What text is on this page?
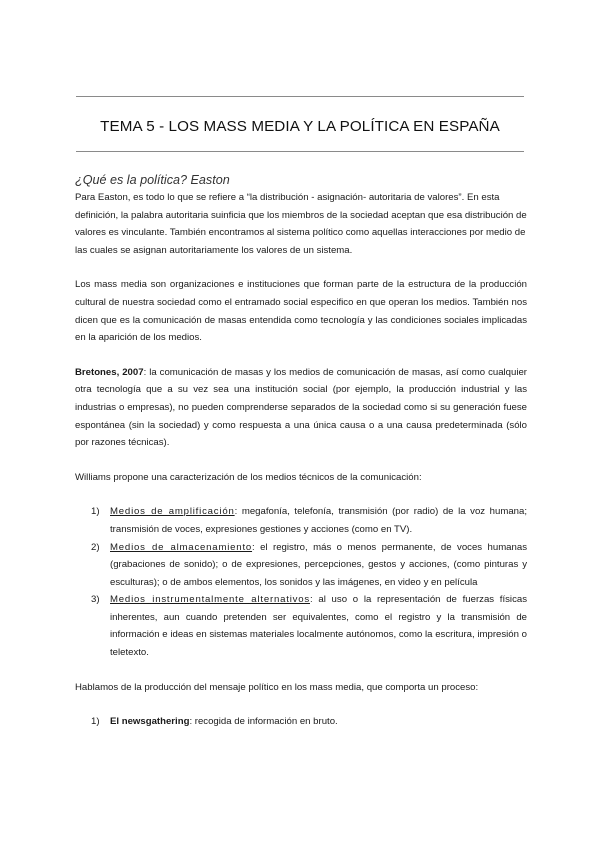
TEMA 5 - LOS MASS MEDIA Y LA POLÍTICA EN ESPAÑA
¿Qué es la política? Easton

Para Easton, es todo lo que se refiere a “la distribución - asignación- autoritaria de valores”. En esta definición, la palabra autoritaria suinficia que los miembros de la sociedad aceptan que esa distribución de valores es vinculante. También encontramos al sistema político como aquellas interacciones por medio de las cuales se asignan autoritariamente los valores de un sistema.

Los mass media son organizaciones e instituciones que forman parte de la estructura de la producción cultural de nuestra sociedad como el entramado social especifico en que operan los medios. También nos dicen que es la comunicación de masas entendida como tecnología y las condiciones sociales implicadas en la aparición de los medios.

Bretones, 2007: la comunicación de masas y los medios de comunicación de masas, así como cualquier otra tecnología que a su vez sea una institución social (por ejemplo, la producción industrial y las industrias o empresas), no pueden comprenderse separados de la sociedad como si su generación fuese espontánea (sin la sociedad) y como respuesta a una única causa o a una causa predeterminada (sólo por razones técnicas).

Williams propone una caracterización de los medios técnicos de la comunicación:

1) Medios de amplificación: megafonía, telefonía, transmisión (por radio) de la voz humana; transmisión de voces, expresiones gestiones y acciones (como en TV).
2) Medios de almacenamiento: el registro, más o menos permanente, de voces humanas (grabaciones de sonido); o de expresiones, percepciones, gestos y acciones, (como pinturas y esculturas); o de ambos elementos, los sonidos y las imágenes, en video y en película
3) Medios instrumentalmente alternativos: al uso o la representación de fuerzas físicas inherentes, aun cuando pretenden ser equivalentes, como el registro y la transmisión de información e ideas en sistemas materiales localmente autónomos, como la escritura, impresión o teletexto.

Hablamos de la producción del mensaje político en los mass media, que comporta un proceso:

1) El newsgathering: recogida de información en bruto.
